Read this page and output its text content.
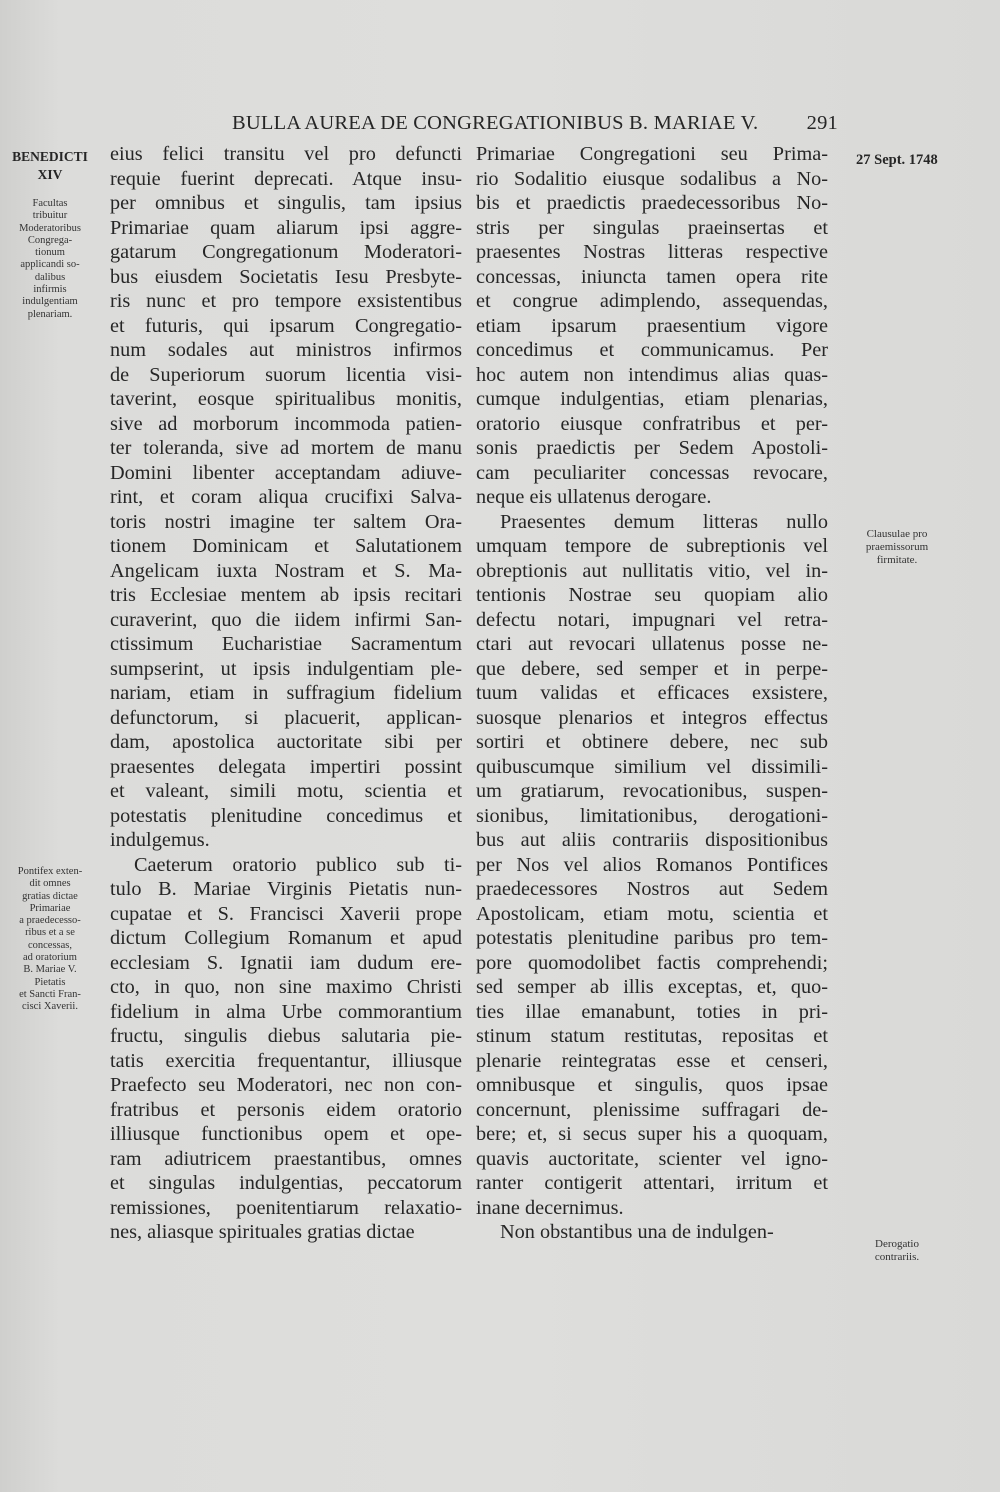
BULLA AUREA DE CONGREGATIONIBUS B. MARIAE V. 291
BENEDICTI
XIV
27 Sept. 1748
Facultas
tribuitur
Moderatoribus
Congrega-
tionum
applicandi so-
dalibus
infirmis
indulgentiam
plenariam.
Pontifex exten-
dit omnes
gratias dictae
Primariae
a praedecesso-
ribus et a se
concessas,
ad oratorium
B. Mariae V.
Pietatis
et Sancti Fran-
cisci Xaverii.
Clausulae pro
praemissorum
firmitate.
Derogatio
contrariis.
eius felici transitu vel pro defuncti
requie fuerint deprecati. Atque insu-
per omnibus et singulis, tam ipsius
Primariae quam aliarum ipsi aggre-
gatarum Congregationum Moderatori-
bus eiusdem Societatis Iesu Presbyte-
ris nunc et pro tempore exsistentibus
et futuris, qui ipsarum Congregatio-
num sodales aut ministros infirmos
de Superiorum suorum licentia visi-
taverint, eosque spiritualibus monitis,
sive ad morborum incommoda patien-
ter toleranda, sive ad mortem de manu
Domini libenter acceptandam adiuve-
rint, et coram aliqua crucifixi Salva-
toris nostri imagine ter saltem Ora-
tionem Dominicam et Salutationem
Angelicam iuxta Nostram et S. Ma-
tris Ecclesiae mentem ab ipsis recitari
curaverint, quo die iidem infirmi San-
ctissimum Eucharistiae Sacramentum
sumpserint, ut ipsis indulgentiam ple-
nariam, etiam in suffragium fidelium
defunctorum, si placuerit, applican-
dam, apostolica auctoritate sibi per
praesentes delegata impertiri possint
et valeant, simili motu, scientia et
potestatis plenitudine concedimus et
indulgemus.
Caeterum oratorio publico sub ti-
tulo B. Mariae Virginis Pietatis nun-
cupatae et S. Francisci Xaverii prope
dictum Collegium Romanum et apud
ecclesiam S. Ignatii iam dudum ere-
cto, in quo, non sine maximo Christi
fidelium in alma Urbe commorantium
fructu, singulis diebus salutaria pie-
tatis exercitia frequentantur, illiusque
Praefecto seu Moderatori, nec non con-
fratribus et personis eidem oratorio
illiusque functionibus opem et ope-
ram adiutricem praestantibus, omnes
et singulas indulgentias, peccatorum
remissiones, poenitentiarum relaxatio-
nes, aliasque spirituales gratias dictae
Primariae Congregationi seu Prima-
rio Sodalitio eiusque sodalibus a No-
bis et praedictis praedecessoribus No-
stris per singulas praeinsertas et
praesentes Nostras litteras respective
concessas, iniuncta tamen opera rite
et congrue adimplendo, assequendas,
etiam ipsarum praesentium vigore
concedimus et communicamus. Per
hoc autem non intendimus alias quas-
cumque indulgentias, etiam plenarias,
oratorio eiusque confratribus et per-
sonis praedictis per Sedem Apostoli-
cam peculiariter concessas revocare,
neque eis ullatenus derogare.
Praesentes demum litteras nullo
umquam tempore de subreptionis vel
obreptionis aut nullitatis vitio, vel in-
tentionis Nostrae seu quopiam alio
defectu notari, impugnari vel retra-
ctari aut revocari ullatenus posse ne-
que debere, sed semper et in perpe-
tuum validas et efficaces exsistere,
suosque plenarios et integros effectus
sortiri et obtinere debere, nec sub
quibuscumque similium vel dissimili-
um gratiarum, revocationibus, suspen-
sionibus, limitationibus, derogationi-
bus aut aliis contrariis dispositionibus
per Nos vel alios Romanos Pontifices
praedecessores Nostros aut Sedem
Apostolicam, etiam motu, scientia et
potestatis plenitudine paribus pro tem-
pore quomodolibet factis comprehendi;
sed semper ab illis exceptas, et, quo-
ties illae emanabunt, toties in pri-
stinum statum restitutas, repositas et
plenarie reintegratas esse et censeri,
omnibusque et singulis, quos ipsae
concernunt, plenissime suffragari de-
bere; et, si secus super his a quoquam,
quavis auctoritate, scienter vel igno-
ranter contigerit attentari, irritum et
inane decernimus.
Non obstantibus una de indulgen-
